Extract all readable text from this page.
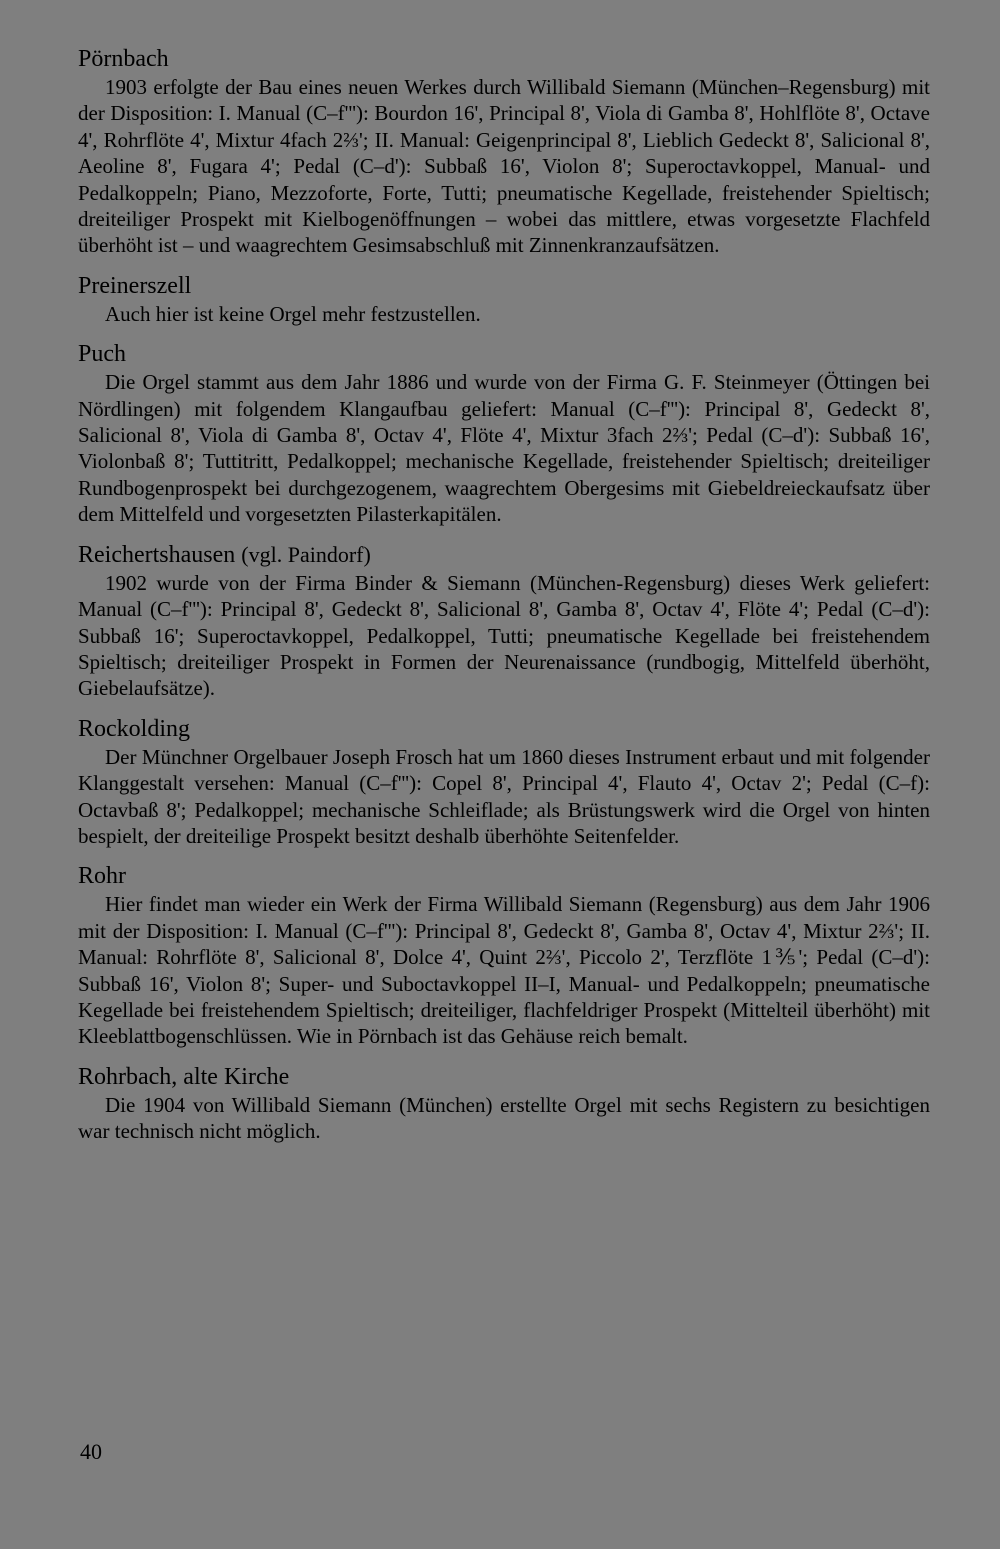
Pörnbach

1903 erfolgte der Bau eines neuen Werkes durch Willibald Siemann (München–Regensburg) mit der Disposition: I. Manual (C–f'''): Bourdon 16', Principal 8', Viola di Gamba 8', Hohlflöte 8', Octave 4', Rohrflöte 4', Mixtur 4fach 2⅔'; II. Manual: Geigenprincipal 8', Lieblich Gedeckt 8', Salicional 8', Aeoline 8', Fugara 4'; Pedal (C–d'): Subbaß 16', Violon 8'; Superoctavkoppel, Manual- und Pedalkoppeln; Piano, Mezzoforte, Forte, Tutti; pneumatische Kegellade, freistehender Spieltisch; dreiteiliger Prospekt mit Kielbogenöffnungen – wobei das mittlere, etwas vorgesetzte Flachfeld überhöht ist – und waagrechtem Gesimsabschluß mit Zinnenkranzaufsätzen.

Preinerszell

Auch hier ist keine Orgel mehr festzustellen.

Puch

Die Orgel stammt aus dem Jahr 1886 und wurde von der Firma G. F. Steinmeyer (Öttingen bei Nördlingen) mit folgendem Klangaufbau geliefert: Manual (C–f'''): Principal 8', Gedeckt 8', Salicional 8', Viola di Gamba 8', Octav 4', Flöte 4', Mixtur 3fach 2⅔'; Pedal (C–d'): Subbaß 16', Violonbaß 8'; Tuttitritt, Pedalkoppel; mechanische Kegellade, freistehender Spieltisch; dreiteiliger Rundbogenprospekt bei durchgezogenem, waagrechtem Obergesims mit Giebeldreieckaufsatz über dem Mittelfeld und vorgesetzten Pilasterkapitälen.

Reichertshausen (vgl. Paindorf)

1902 wurde von der Firma Binder & Siemann (München-Regensburg) dieses Werk geliefert: Manual (C–f'''): Principal 8', Gedeckt 8', Salicional 8', Gamba 8', Octav 4', Flöte 4'; Pedal (C–d'): Subbaß 16'; Superoctavkoppel, Pedalkoppel, Tutti; pneumatische Kegellade bei freistehendem Spieltisch; dreiteiliger Prospekt in Formen der Neurenaissance (rundbogig, Mittelfeld überhöht, Giebelaufsätze).

Rockolding

Der Münchner Orgelbauer Joseph Frosch hat um 1860 dieses Instrument erbaut und mit folgender Klanggestalt versehen: Manual (C–f'''): Copel 8', Principal 4', Flauto 4', Octav 2'; Pedal (C–f): Octavbaß 8'; Pedalkoppel; mechanische Schleiflade; als Brüstungswerk wird die Orgel von hinten bespielt, der dreiteilige Prospekt besitzt deshalb überhöhte Seitenfelder.

Rohr

Hier findet man wieder ein Werk der Firma Willibald Siemann (Regensburg) aus dem Jahr 1906 mit der Disposition: I. Manual (C–f'''): Principal 8', Gedeckt 8', Gamba 8', Octav 4', Mixtur 2⅔'; II. Manual: Rohrflöte 8', Salicional 8', Dolce 4', Quint 2⅔', Piccolo 2', Terzflöte 1⅗'; Pedal (C–d'): Subbaß 16', Violon 8'; Super- und Suboctavkoppel II–I, Manual- und Pedalkoppeln; pneumatische Kegellade bei freistehendem Spieltisch; dreiteiliger, flachfeldriger Prospekt (Mittelteil überhöht) mit Kleeblattbogenschlüssen. Wie in Pörnbach ist das Gehäuse reich bemalt.

Rohrbach, alte Kirche

Die 1904 von Willibald Siemann (München) erstellte Orgel mit sechs Registern zu besichtigen war technisch nicht möglich.

40
